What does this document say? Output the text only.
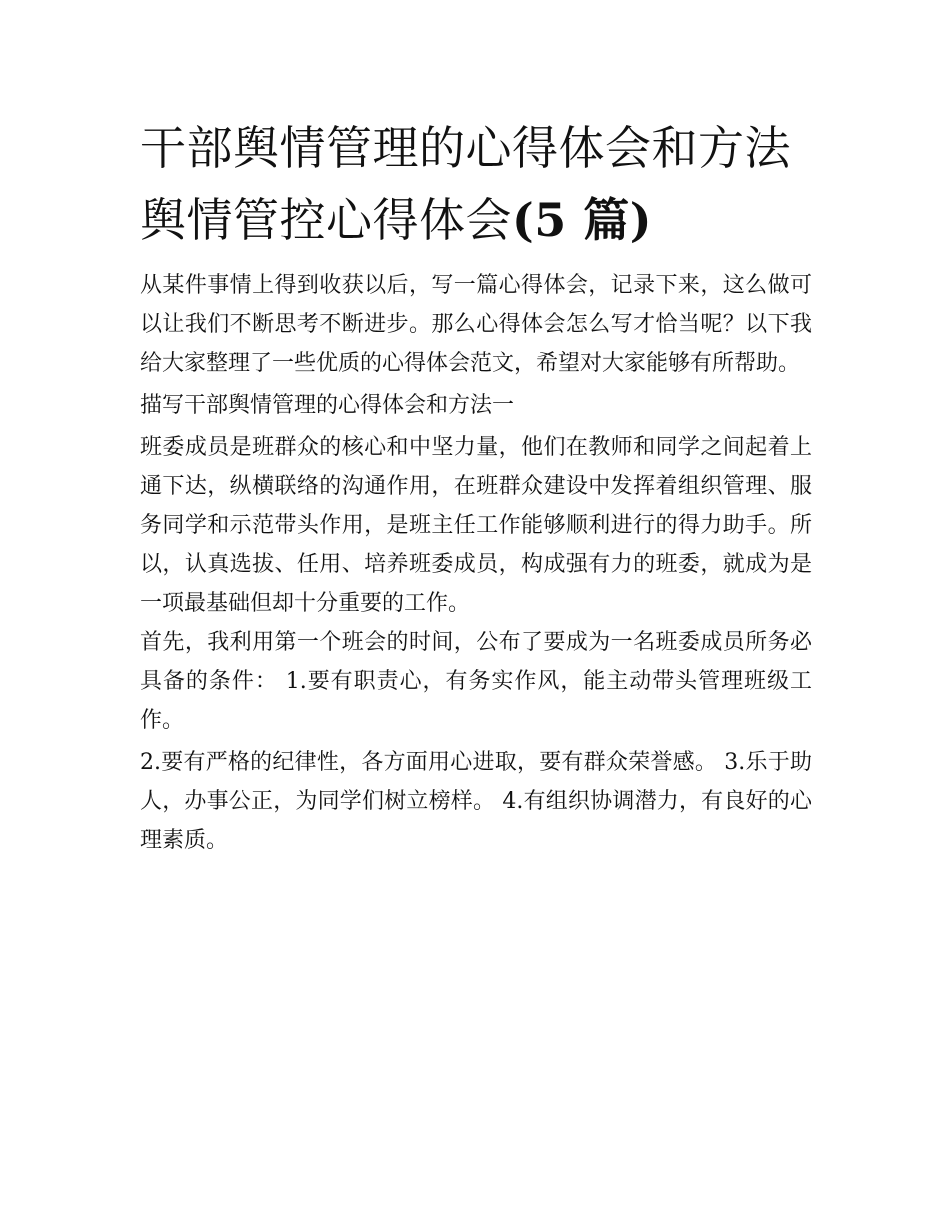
干部舆情管理的心得体会和方法 舆情管控心得体会(5 篇)

从某件事情上得到收获以后，写一篇心得体会，记录下来，这么做可以让我们不断思考不断进步。那么心得体会怎么写才恰当呢？以下我给大家整理了一些优质的心得体会范文，希望对大家能够有所帮助。

描写干部舆情管理的心得体会和方法一

班委成员是班群众的核心和中坚力量，他们在教师和同学之间起着上通下达，纵横联络的沟通作用，在班群众建设中发挥着组织管理、服务同学和示范带头作用，是班主任工作能够顺利进行的得力助手。所以，认真选拔、任用、培养班委成员，构成强有力的班委，就成为是一项最基础但却十分重要的工作。

首先，我利用第一个班会的时间，公布了要成为一名班委成员所务必具备的条件： 1.要有职责心，有务实作风，能主动带头管理班级工作。

2.要有严格的纪律性，各方面用心进取，要有群众荣誉感。 3.乐于助人，办事公正，为同学们树立榜样。 4.有组织协调潜力，有良好的心理素质。
